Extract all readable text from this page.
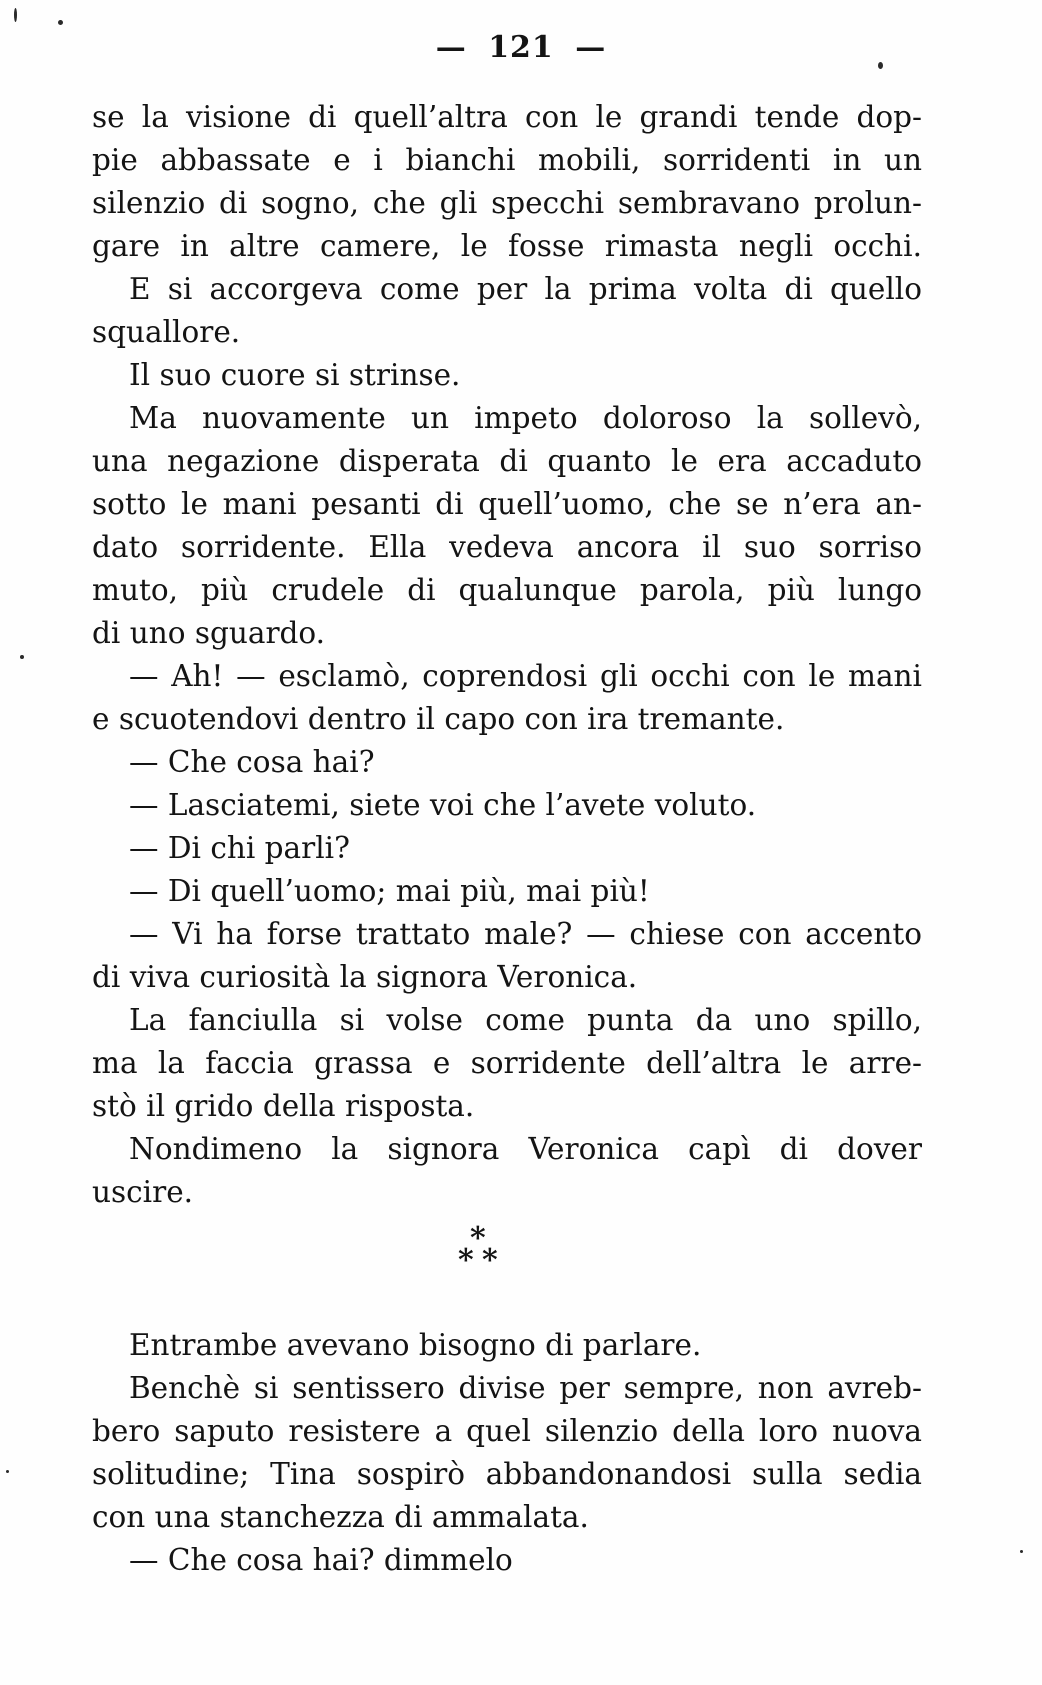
— 121 —
se la visione di quell’altra con le grandi tende dop-
pie abbassate e i bianchi mobili, sorridenti in un
silenzio di sogno, che gli specchi sembravano prolun-
gare in altre camere, le fosse rimasta negli occhi.
E si accorgeva come per la prima volta di quello
squallore.
Il suo cuore si strinse.
Ma nuovamente un impeto doloroso la sollevò,
una negazione disperata di quanto le era accaduto
sotto le mani pesanti di quell’uomo, che se n’era an-
dato sorridente. Ella vedeva ancora il suo sorriso
muto, più crudele di qualunque parola, più lungo
di uno sguardo.
— Ah! — esclamò, coprendosi gli occhi con le mani
e scuotendovi dentro il capo con ira tremante.
— Che cosa hai?
— Lasciatemi, siete voi che l’avete voluto.
— Di chi parli?
— Di quell’uomo; mai più, mai più!
— Vi ha forse trattato male? — chiese con accento
di viva curiosità la signora Veronica.
La fanciulla si volse come punta da uno spillo,
ma la faccia grassa e sorridente dell’altra le arre-
stò il grido della risposta.
Nondimeno la signora Veronica capì di dover
uscire.
*
* *
Entrambe avevano bisogno di parlare.
Benchè si sentissero divise per sempre, non avreb-
bero saputo resistere a quel silenzio della loro nuova
solitudine; Tina sospirò abbandonandosi sulla sedia
con una stanchezza di ammalata.
— Che cosa hai? dimmelo
